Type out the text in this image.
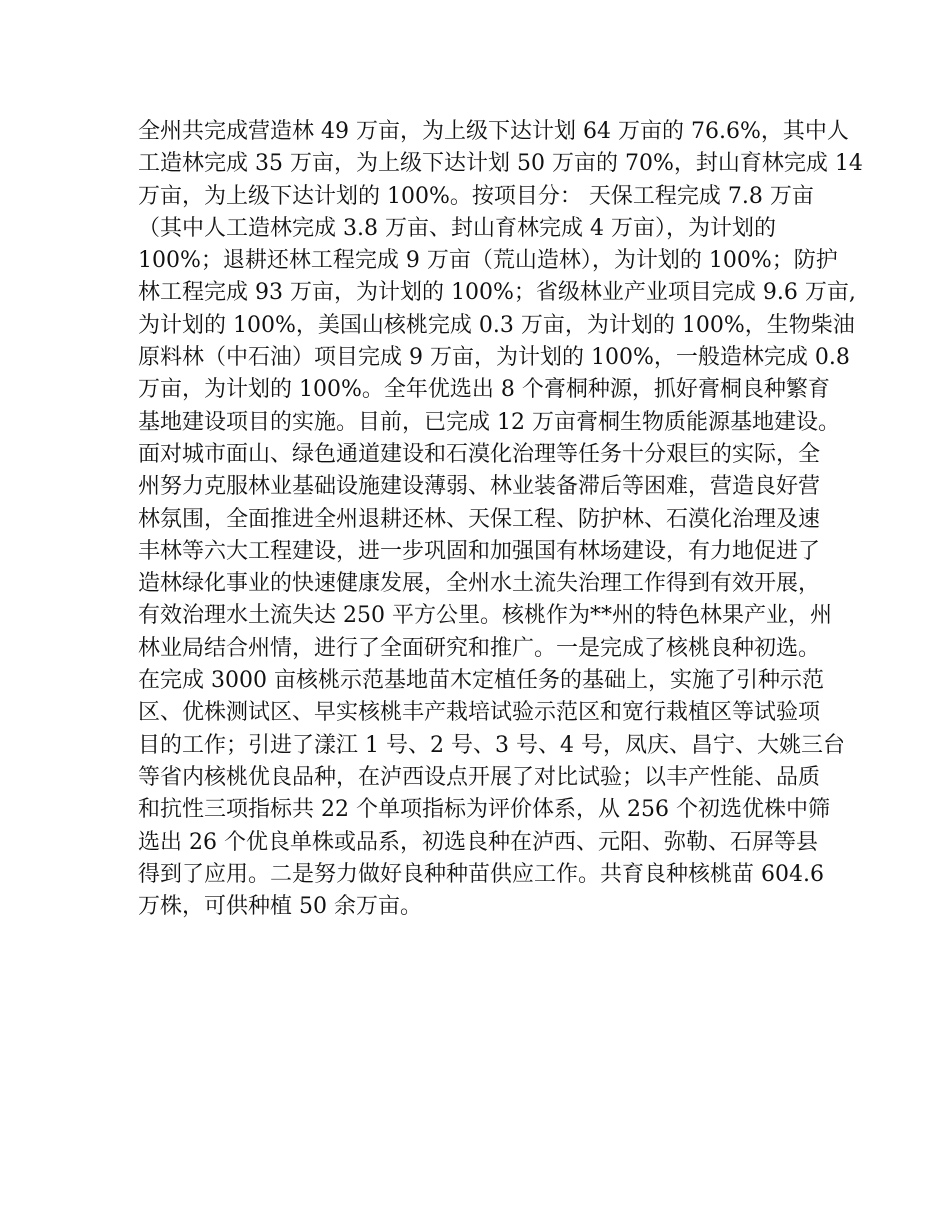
全州共完成营造林 49 万亩，为上级下达计划 64 万亩的 76.6%，其中人
工造林完成 35 万亩，为上级下达计划 50 万亩的 70%，封山育林完成 14
万亩，为上级下达计划的 100%。按项目分： 天保工程完成 7.8 万亩
（其中人工造林完成 3.8 万亩、封山育林完成 4 万亩），为计划的
100%；退耕还林工程完成 9 万亩（荒山造林），为计划的 100%；防护
林工程完成 93 万亩，为计划的 100%；省级林业产业项目完成 9.6 万亩,
为计划的 100%，美国山核桃完成 0.3 万亩，为计划的 100%，生物柴油
原料林（中石油）项目完成 9 万亩，为计划的 100%，一般造林完成 0.8
万亩，为计划的 100%。全年优选出 8 个膏桐种源，抓好膏桐良种繁育
基地建设项目的实施。目前，已完成 12 万亩膏桐生物质能源基地建设。
面对城市面山、绿色通道建设和石漠化治理等任务十分艰巨的实际，全
州努力克服林业基础设施建设薄弱、林业装备滞后等困难，营造良好营
林氛围，全面推进全州退耕还林、天保工程、防护林、石漠化治理及速
丰林等六大工程建设，进一步巩固和加强国有林场建设，有力地促进了
造林绿化事业的快速健康发展，全州水土流失治理工作得到有效开展，
有效治理水土流失达 250 平方公里。核桃作为**州的特色林果产业，州
林业局结合州情，进行了全面研究和推广。一是完成了核桃良种初选。
在完成 3000 亩核桃示范基地苗木定植任务的基础上，实施了引种示范
区、优株测试区、早实核桃丰产栽培试验示范区和宽行栽植区等试验项
目的工作；引进了漾江 1 号、2 号、3 号、4 号，凤庆、昌宁、大姚三台
等省内核桃优良品种，在泸西设点开展了对比试验；以丰产性能、品质
和抗性三项指标共 22 个单项指标为评价体系，从 256 个初选优株中筛
选出 26 个优良单株或品系，初选良种在泸西、元阳、弥勒、石屏等县
得到了应用。二是努力做好良种种苗供应工作。共育良种核桃苗 604.6
万株，可供种植 50 余万亩。
